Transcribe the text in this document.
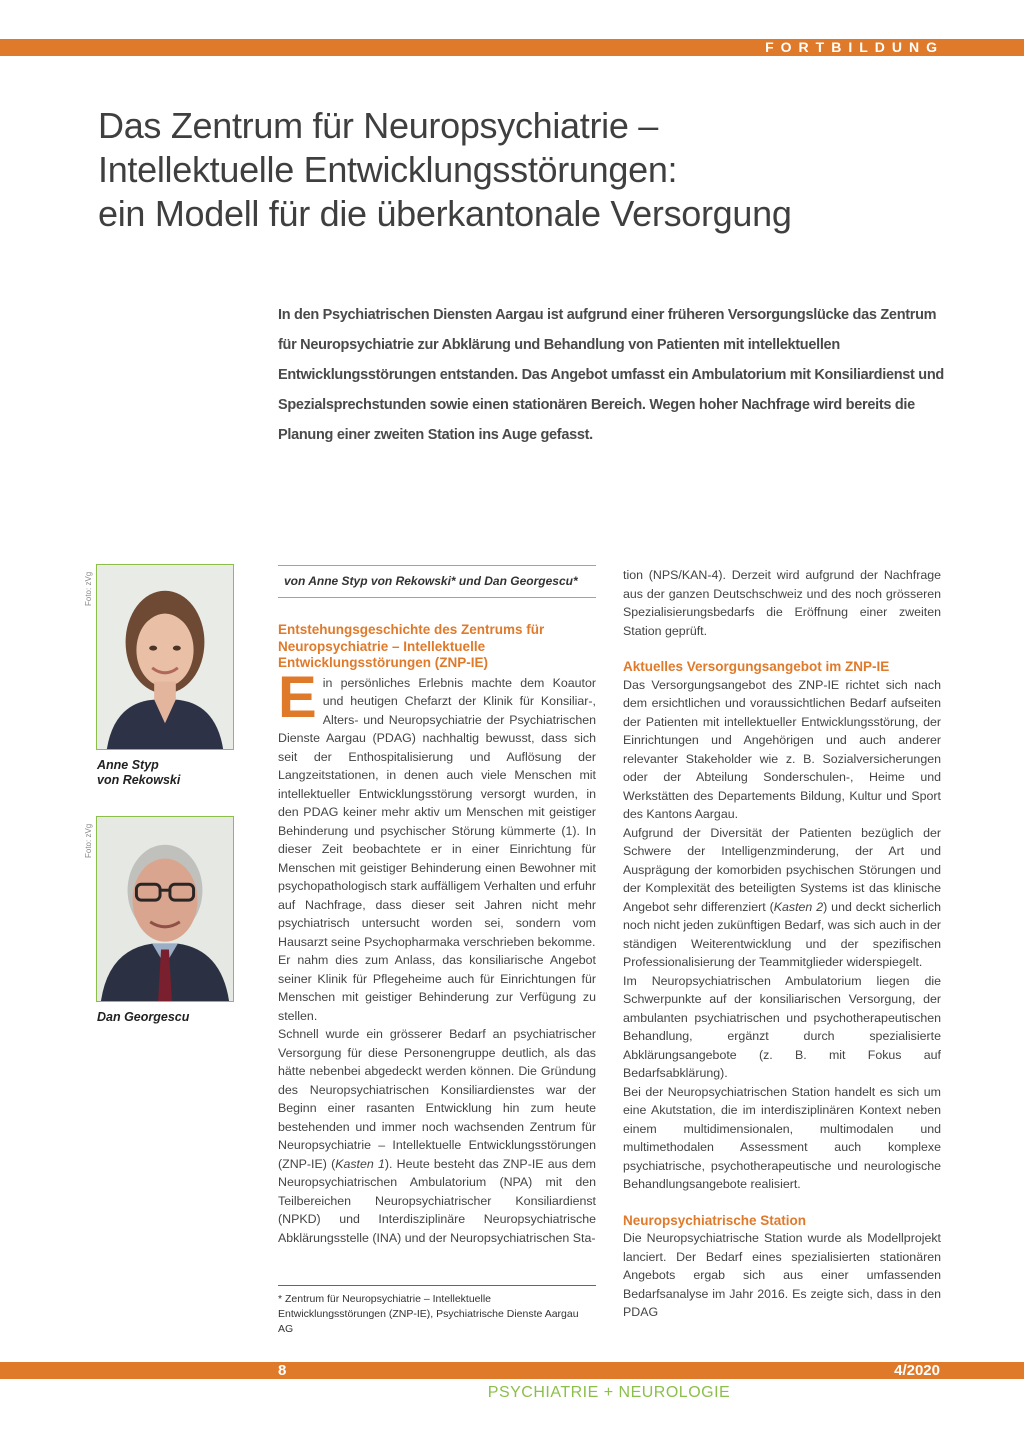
FORTBILDUNG
Das Zentrum für Neuropsychiatrie –
Intellektuelle Entwicklungsstörungen:
ein Modell für die überkantonale Versorgung

In den Psychiatrischen Diensten Aargau ist aufgrund einer früheren Versorgungslücke das Zentrum für Neuropsychiatrie zur Abklärung und Behandlung von Patienten mit intellektuellen Entwicklungsstörungen entstanden. Das Angebot umfasst ein Ambulatorium mit Konsiliardienst und Spezialsprechstunden sowie einen stationären Bereich. Wegen hoher Nachfrage wird bereits die Planung einer zweiten Station ins Auge gefasst.

Foto: zVg
Anne Styp
von Rekowski
Foto: zVg
Dan Georgescu
von Anne Styp von Rekowski* und Dan Georgescu*
Entstehungsgeschichte des Zentrums für Neuropsychiatrie – Intellektuelle Entwicklungsstörungen (ZNP-IE)

Ein persönliches Erlebnis machte dem Koautor und heutigen Chefarzt der Klinik für Konsiliar-, Alters- und Neuropsychiatrie der Psychiatrischen Dienste Aargau (PDAG) nachhaltig bewusst, dass sich seit der Enthospitalisierung und Auflösung der Langzeitstationen, in denen auch viele Menschen mit intellektueller Entwicklungsstörung versorgt wurden, in den PDAG keiner mehr aktiv um Menschen mit geistiger Behinderung und psychischer Störung kümmerte (1). In dieser Zeit beobachtete er in einer Einrichtung für Menschen mit geistiger Behinderung einen Bewohner mit psychopathologisch stark auffälligem Verhalten und erfuhr auf Nachfrage, dass dieser seit Jahren nicht mehr psychiatrisch untersucht worden sei, sondern vom Hausarzt seine Psychopharmaka verschrieben bekomme.

Er nahm dies zum Anlass, das konsiliarische Angebot seiner Klinik für Pflegeheime auch für Einrichtungen für Menschen mit geistiger Behinderung zur Verfügung zu stellen.

Schnell wurde ein grösserer Bedarf an psychiatrischer Versorgung für diese Personengruppe deutlich, als das hätte nebenbei abgedeckt werden können. Die Gründung des Neuropsychiatrischen Konsiliardienstes war der Beginn einer rasanten Entwicklung hin zum heute bestehenden und immer noch wachsenden Zentrum für Neuropsychiatrie – Intellektuelle Entwicklungsstörungen (ZNP-IE) (Kasten 1). Heute besteht das ZNP-IE aus dem Neuropsychiatrischen Ambulatorium (NPA) mit den Teilbereichen Neuropsychiatrischer Konsiliardienst (NPKD) und Interdisziplinäre Neuropsychiatrische Abklärungsstelle (INA) und der Neuropsychiatrischen Sta-

* Zentrum für Neuropsychiatrie – Intellektuelle Entwicklungsstörungen (ZNP-IE), Psychiatrische Dienste Aargau AG

tion (NPS/KAN-4). Derzeit wird aufgrund der Nachfrage aus der ganzen Deutschschweiz und des noch grösseren Spezialisierungsbedarfs die Eröffnung einer zweiten Station geprüft.

Aktuelles Versorgungsangebot im ZNP-IE

Das Versorgungsangebot des ZNP-IE richtet sich nach dem ersichtlichen und voraussichtlichen Bedarf aufseiten der Patienten mit intellektueller Entwicklungsstörung, der Einrichtungen und Angehörigen und auch anderer relevanter Stakeholder wie z. B. Sozialversicherungen oder der Abteilung Sonderschulen-, Heime und Werkstätten des Departements Bildung, Kultur und Sport des Kantons Aargau.

Aufgrund der Diversität der Patienten bezüglich der Schwere der Intelligenzminderung, der Art und Ausprägung der komorbiden psychischen Störungen und der Komplexität des beteiligten Systems ist das klinische Angebot sehr differenziert (Kasten 2) und deckt sicherlich noch nicht jeden zukünftigen Bedarf, was sich auch in der ständigen Weiterentwicklung und der spezifischen Professionalisierung der Teammitglieder widerspiegelt.

Im Neuropsychiatrischen Ambulatorium liegen die Schwerpunkte auf der konsiliarischen Versorgung, der ambulanten psychiatrischen und psychotherapeutischen Behandlung, ergänzt durch spezialisierte Abklärungsangebote (z. B. mit Fokus auf Bedarfsabklärung).

Bei der Neuropsychiatrischen Station handelt es sich um eine Akutstation, die im interdisziplinären Kontext neben einem multidimensionalen, multimodalen und multimethodalen Assessment auch komplexe psychiatrische, psychotherapeutische und neurologische Behandlungsangebote realisiert.

Neuropsychiatrische Station

Die Neuropsychiatrische Station wurde als Modellprojekt lanciert. Der Bedarf eines spezialisierten stationären Angebots ergab sich aus einer umfassenden Bedarfsanalyse im Jahr 2016. Es zeigte sich, dass in den PDAG

8	4/2020
PSYCHIATRIE + NEUROLOGIE
